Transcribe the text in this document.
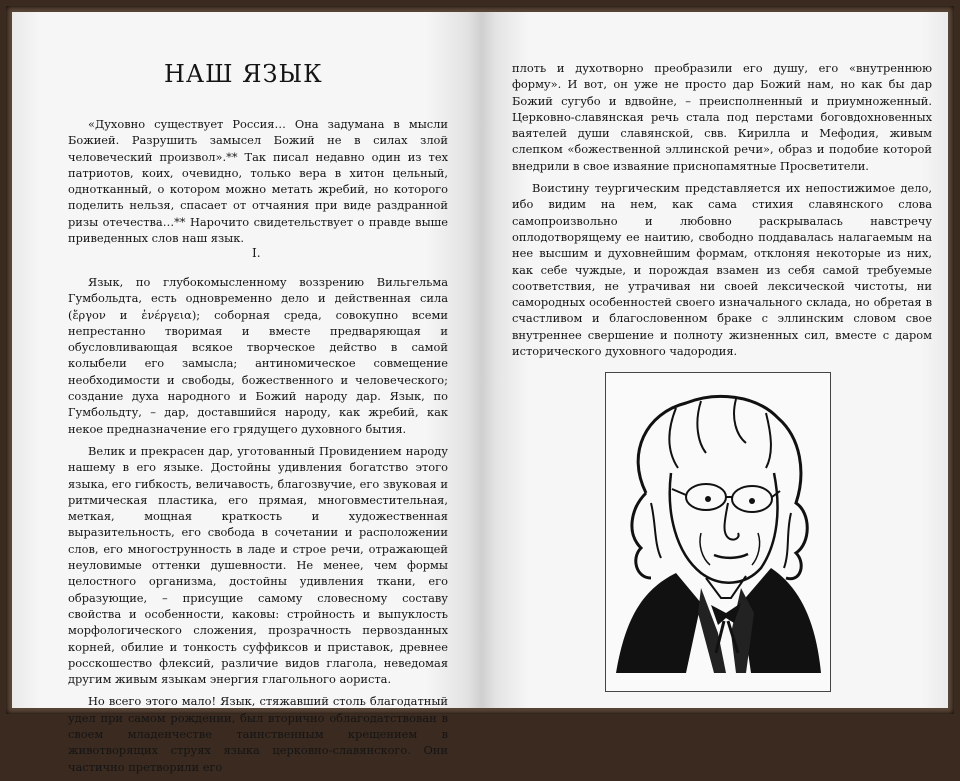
НАШ ЯЗЫК

«Духовно существует Россия… Она задумана в мысли Божией. Разрушить замысел Божий не в силах злой человеческий произвол».** Так писал недавно один из тех патриотов, коих, очевидно, только вера в хитон цельный, однотканный, о котором можно метать жребий, но которого поделить нельзя, спасает от отчаяния при виде раздранной ризы отечества…** Нарочито свидетельствует о правде выше приведенных слов наш язык.

I.

Язык, по глубокомысленному воззрению Вильгельма Гумбольдта, есть одновременно дело и действенная сила (ἔργον и ἐνέργεια); соборная среда, совокупно всеми непрестанно творимая и вместе предваряющая и обусловливающая всякое творческое действо в самой колыбели его замысла; антиномическое совмещение необходимости и свободы, божественного и человеческого; создание духа народного и Божий народу дар. Язык, по Гумбольдту, – дар, доставшийся народу, как жребий, как некое предназначение его грядущего духовного бытия.

Велик и прекрасен дар, уготованный Провидением народу нашему в его языке. Достойны удивления богатство этого языка, его гибкость, величавость, благозвучие, его звуковая и ритмическая пластика, его прямая, многовместительная, меткая, мощная краткость и художественная выразительность, его свобода в сочетании и расположении слов, его многострунность в ладе и строе речи, отражающей неуловимые оттенки душевности. Не менее, чем формы целостного организма, достойны удивления ткани, его образующие, – присущие самому словесному составу свойства и особенности, каковы: стройность и выпуклость морфологического сложения, прозрачность первозданных корней, обилие и тонкость суффиксов и приставок, древнее росскошество флексий, различие видов глагола, неведомая другим живым языкам энергия глагольного аориста.

Но всего этого мало! Язык, стяжавший столь благодатный удел при самом рождении, был вторично облагодатствован в своем младенчестве таинственным крещением в животворящих струях языка церковно-славянского. Они частично претворили его

плоть и духотворно преобразили его душу, его «внутреннюю форму». И вот, он уже не просто дар Божий нам, но как бы дар Божий сугубо и вдвойне, – преисполненный и приумноженный. Церковно-славянская речь стала под перстами боговдохновенных ваятелей души славянской, свв. Кирилла и Мефодия, живым слепком «божественной эллинской речи», образ и подобие которой внедрили в свое изваяние приснопамятные Просветители.

Воистину теургическим представляется их непостижимое дело, ибо видим на нем, как сама стихия славянского слова самопроизвольно и любовно раскрывалась навстречу оплодотворящему ее наитию, свободно поддавалась налагаемым на нее высшим и духовнейшим формам, отклоняя некоторые из них, как себе чуждые, и порождая взамен из себя самой требуемые соответствия, не утрачивая ни своей лексической чистоты, ни самородных особенностей своего изначального склада, но обретая в счастливом и благословенном браке с эллинским словом свое внутреннее свершение и полноту жизненных сил, вместе с даром исторического духовного чадородия.
